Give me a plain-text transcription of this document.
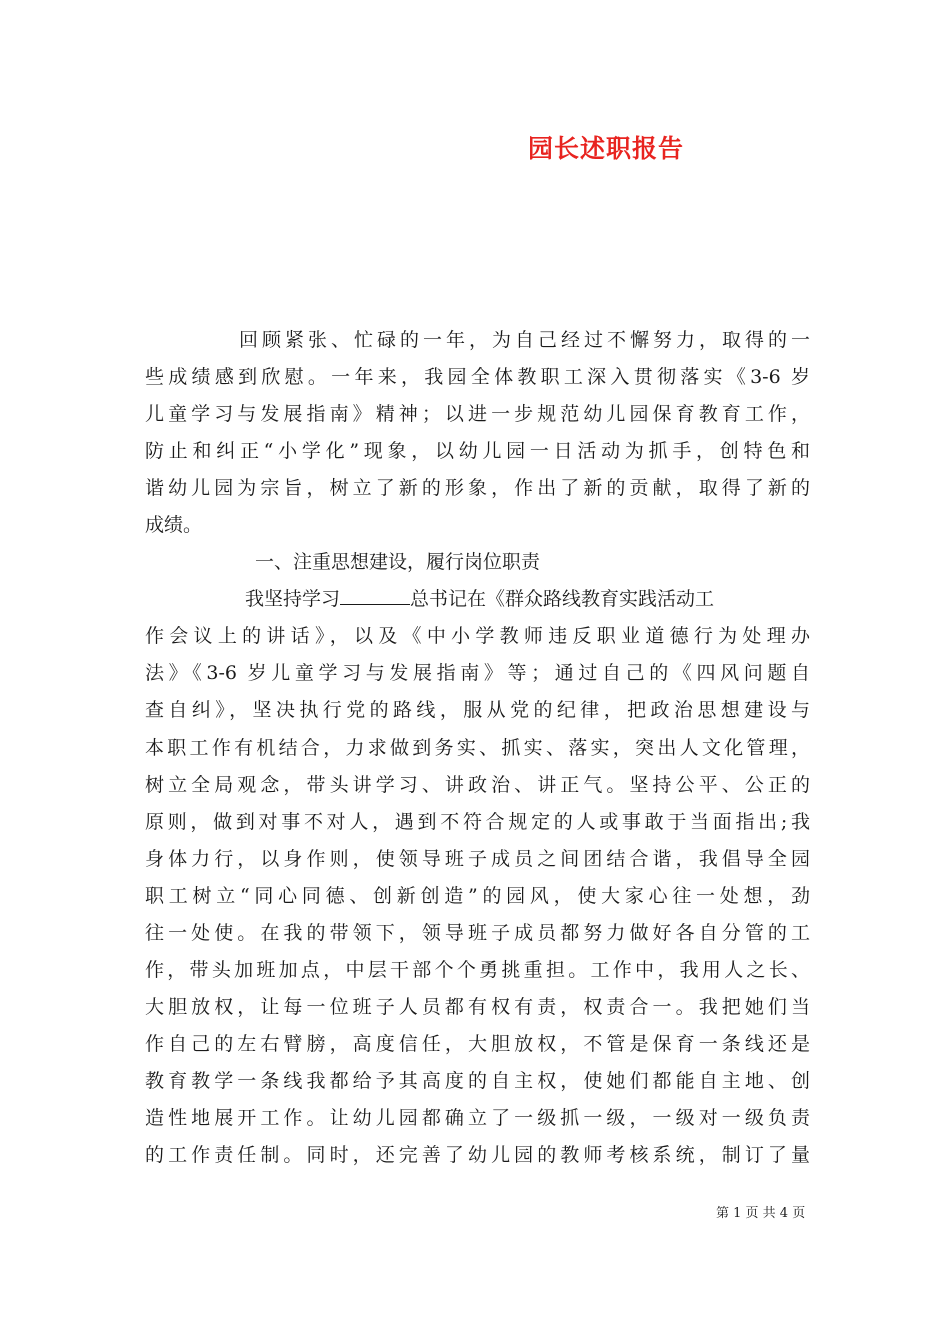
园长述职报告
回顾紧张、忙碌的一年，为自己经过不懈努力，取得的一
些成绩感到欣慰。一年来，我园全体教职工深入贯彻落实《3-6 岁
儿童学习与发展指南》精神；以进一步规范幼儿园保育教育工作，
防止和纠正“小学化”现象，以幼儿园一日活动为抓手，创特色和
谐幼儿园为宗旨，树立了新的形象，作出了新的贡献，取得了新的
成绩。
一、注重思想建设，履行岗位职责
我坚持学习	总书记在《群众路线教育实践活动工
作会议上的讲话》，以及《中小学教师违反职业道德行为处理办
法》《3-6 岁儿童学习与发展指南》等；通过自己的《四风问题自
查自纠》，坚决执行党的路线，服从党的纪律，把政治思想建设与
本职工作有机结合，力求做到务实、抓实、落实，突出人文化管理，
树立全局观念，带头讲学习、讲政治、讲正气。坚持公平、公正的
原则，做到对事不对人，遇到不符合规定的人或事敢于当面指出;我
身体力行，以身作则，使领导班子成员之间团结合谐，我倡导全园
职工树立“同心同德、创新创造”的园风，使大家心往一处想，劲
往一处使。在我的带领下，领导班子成员都努力做好各自分管的工
作，带头加班加点，中层干部个个勇挑重担。工作中，我用人之长、
大胆放权，让每一位班子人员都有权有责，权责合一。我把她们当
作自己的左右臂膀，高度信任，大胆放权，不管是保育一条线还是
教育教学一条线我都给予其高度的自主权，使她们都能自主地、创
造性地展开工作。让幼儿园都确立了一级抓一级，一级对一级负责
的工作责任制。同时，还完善了幼儿园的教师考核系统，制订了量
第 1 页 共 4 页
